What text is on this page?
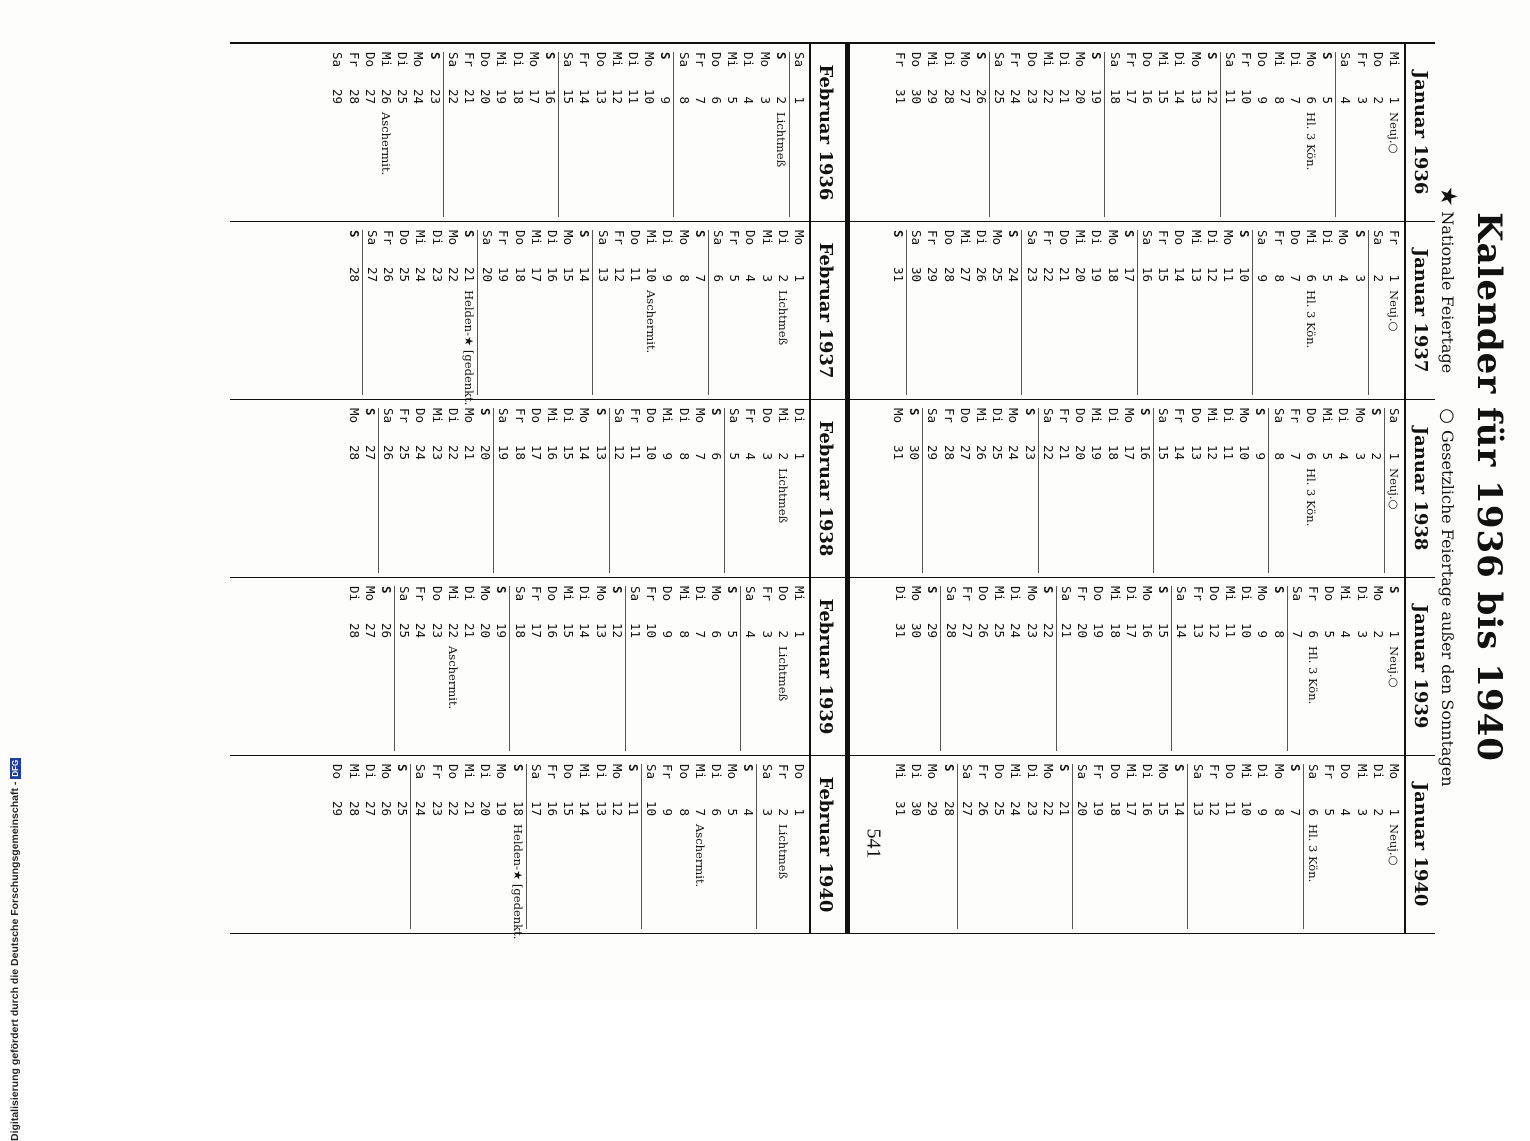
Kalender für 1936 bis 1940
★Nationale Feiertage ○Gesetzliche Feiertage außer den Sonntagen
Januar 1936
Mi1Neuj.○
Do2
Fr3
Sa4
S5
Mo6Hl. 3 Kön.
Di7
Mi8
Do9
Fr10
Sa11
S12
Mo13
Di14
Mi15
Do16
Fr17
Sa18
S19
Mo20
Di21
Mi22
Do23
Fr24
Sa25
S26
Mo27
Di28
Mi29
Do30
Fr31
Februar 1936
Sa1
S2Lichtmeß
Mo3
Di4
Mi5
Do6
Fr7
Sa8
S9
Mo10
Di11
Mi12
Do13
Fr14
Sa15
S16
Mo17
Di18
Mi19
Do20
Fr21
Sa22
S23
Mo24
Di25
Mi26Aschermit.
Do27
Fr28
Sa29
Januar 1937
Fr1Neuj.○
Sa2
S3
Mo4
Di5
Mi6Hl. 3 Kön.
Do7
Fr8
Sa9
S10
Mo11
Di12
Mi13
Do14
Fr15
Sa16
S17
Mo18
Di19
Mi20
Do21
Fr22
Sa23
S24
Mo25
Di26
Mi27
Do28
Fr29
Sa30
S31
Februar 1937
Mo1
Di2Lichtmeß
Mi3
Do4
Fr5
Sa6
S7
Mo8
Di9
Mi10Aschermit.
Do11
Fr12
Sa13
S14
Mo15
Di16
Mi17
Do18
Fr19
Sa20
S21Helden-★ [gedenkt.
Mo22
Di23
Mi24
Do25
Fr26
Sa27
S28
Januar 1938
Sa1Neuj.○
S2
Mo3
Di4
Mi5
Do6Hl. 3 Kön.
Fr7
Sa8
S9
Mo10
Di11
Mi12
Do13
Fr14
Sa15
S16
Mo17
Di18
Mi19
Do20
Fr21
Sa22
S23
Mo24
Di25
Mi26
Do27
Fr28
Sa29
S30
Mo31
Februar 1938
Di1
Mi2Lichtmeß
Do3
Fr4
Sa5
S6
Mo7
Di8
Mi9
Do10
Fr11
Sa12
S13
Mo14
Di15
Mi16
Do17
Fr18
Sa19
S20
Mo21
Di22
Mi23
Do24
Fr25
Sa26
S27
Mo28
Januar 1939
S1Neuj.○
Mo2
Di3
Mi4
Do5
Fr6Hl. 3 Kön.
Sa7
S8
Mo9
Di10
Mi11
Do12
Fr13
Sa14
S15
Mo16
Di17
Mi18
Do19
Fr20
Sa21
S22
Mo23
Di24
Mi25
Do26
Fr27
Sa28
S29
Mo30
Di31
Februar 1939
Mi1
Do2Lichtmeß
Fr3
Sa4
S5
Mo6
Di7
Mi8
Do9
Fr10
Sa11
S12
Mo13
Di14
Mi15
Do16
Fr17
Sa18
S19
Mo20
Di21
Mi22Aschermit.
Do23
Fr24
Sa25
S26
Mo27
Di28
Januar 1940
Mo1Neuj.○
Di2
Mi3
Do4
Fr5
Sa6Hl. 3 Kön.
S7
Mo8
Di9
Mi10
Do11
Fr12
Sa13
S14
Mo15
Di16
Mi17
Do18
Fr19
Sa20
S21
Mo22
Di23
Mi24
Do25
Fr26
Sa27
S28
Mo29
Di30
Mi31
Februar 1940
Do1
Fr2Lichtmeß
Sa3
S4
Mo5
Di6
Mi7Aschermit.
Do8
Fr9
Sa10
S11
Mo12
Di13
Mi14
Do15
Fr16
Sa17
S18Helden-★ [gedenkt.
Mo19
Di20
Mi21
Do22
Fr23
Sa24
S25
Mo26
Di27
Mi28
Do29
541
Digitalisierung gefördert durch die Deutsche Forschungsgemeinschaft -DFG
